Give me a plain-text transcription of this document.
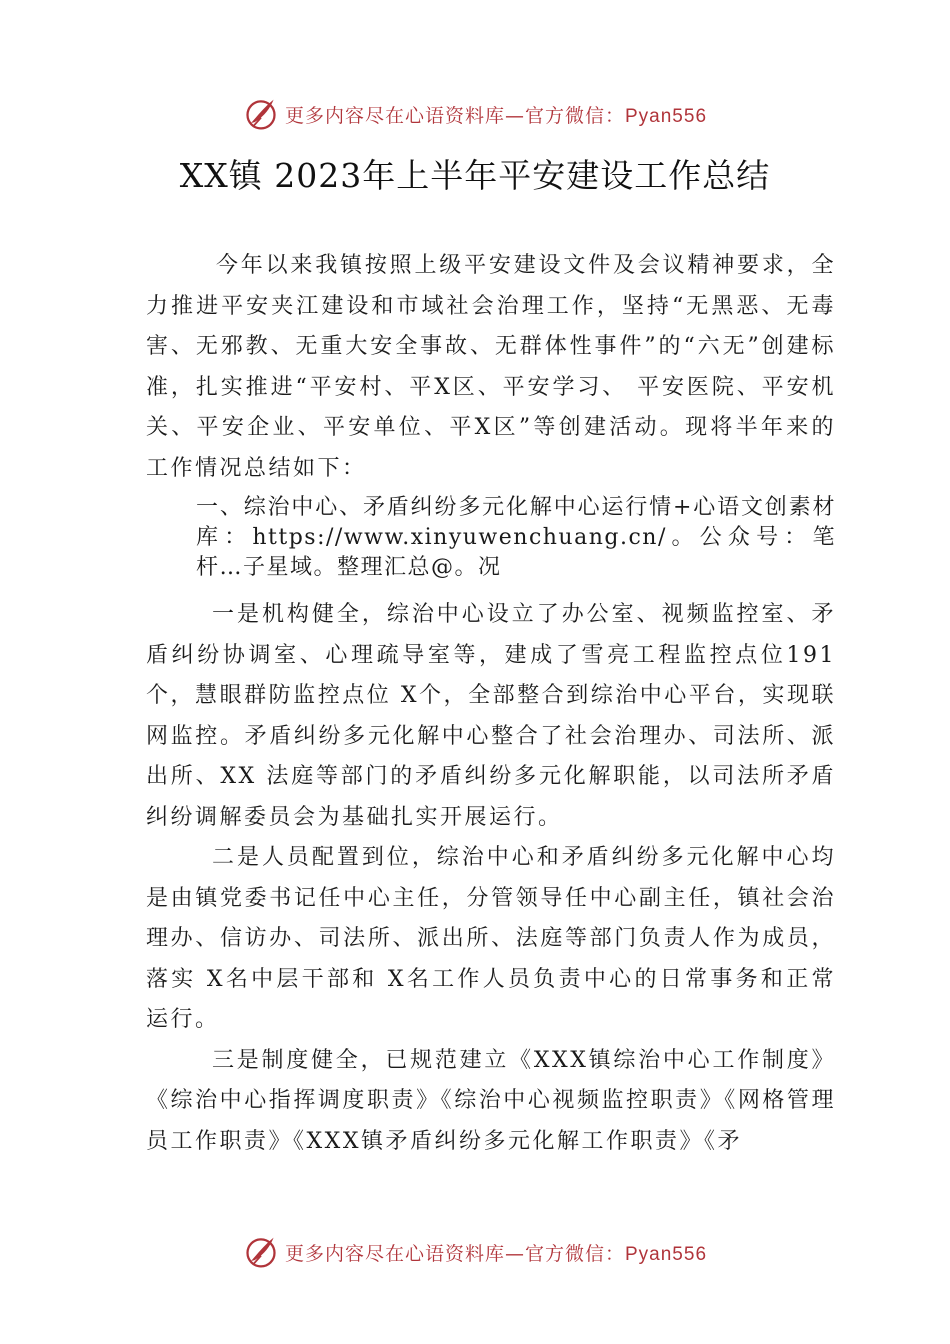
更多内容尽在心语资料库—官方微信：Pyan556
XX镇 2023年上半年平安建设工作总结

今年以来我镇按照上级平安建设文件及会议精神要求，全力推进平安夹江建设和市域社会治理工作，坚持“无黑恶、无毒害、无邪教、无重大安全事故、无群体性事件”的“六无”创建标准，扎实推进“平安村、平X区、平安学习、 平安医院、平安机关、平安企业、平安单位、平X区”等创建活动。现将半年来的工作情况总结如下：

一、综治中心、矛盾纠纷多元化解中心运行情+心语文创素材库：https://www.xinyuwenchuang.cn/。公众号：笔杆…子星域。整理汇总@。况

一是机构健全，综治中心设立了办公室、视频监控室、矛盾纠纷协调室、心理疏导室等，建成了雪亮工程监控点位191个，慧眼群防监控点位 X个，全部整合到综治中心平台，实现联网监控。矛盾纠纷多元化解中心整合了社会治理办、司法所、派出所、XX 法庭等部门的矛盾纠纷多元化解职能，以司法所矛盾纠纷调解委员会为基础扎实开展运行。

二是人员配置到位，综治中心和矛盾纠纷多元化解中心均是由镇党委书记任中心主任，分管领导任中心副主任，镇社会治理办、信访办、司法所、派出所、法庭等部门负责人作为成员，落实 X名中层干部和 X名工作人员负责中心的日常事务和正常运行。

三是制度健全，已规范建立《XXX镇综治中心工作制度》《综治中心指挥调度职责》《综治中心视频监控职责》《网格管理员工作职责》《XXX镇矛盾纠纷多元化解工作职责》《矛

更多内容尽在心语资料库—官方微信：Pyan556
